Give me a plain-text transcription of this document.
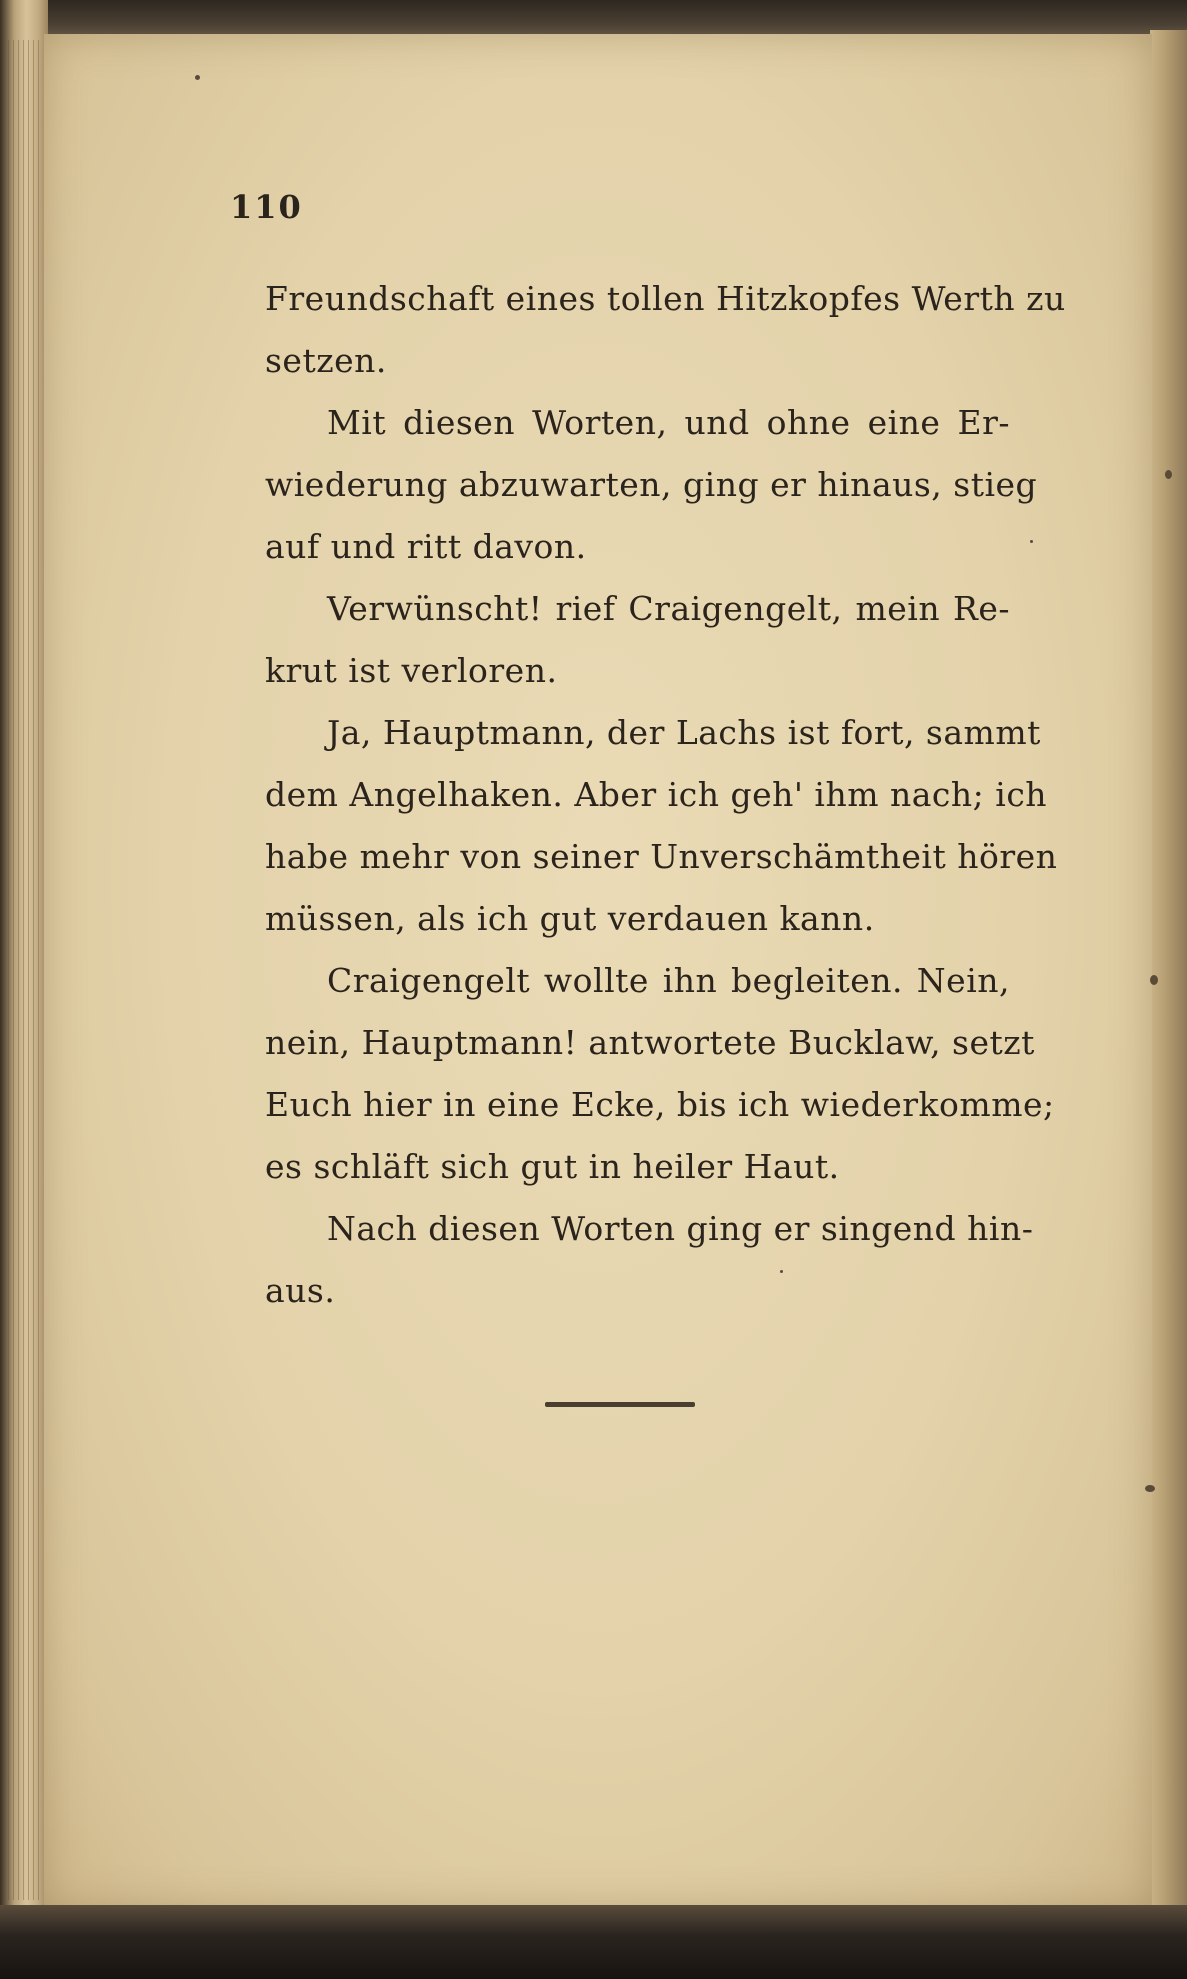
110
Freundschaft eines tollen Hitzkopfes Werth zu
setzen.
Mit diesen Worten, und ohne eine Er-
wiederung abzuwarten, ging er hinaus, stieg
auf und ritt davon.
Verwünscht! rief Craigengelt, mein Re-
krut ist verloren.
Ja, Hauptmann, der Lachs ist fort, sammt
dem Angelhaken. Aber ich geh' ihm nach; ich
habe mehr von seiner Unverschämtheit hören
müssen, als ich gut verdauen kann.
Craigengelt wollte ihn begleiten. Nein,
nein, Hauptmann! antwortete Bucklaw, setzt
Euch hier in eine Ecke, bis ich wiederkomme;
es schläft sich gut in heiler Haut.
Nach diesen Worten ging er singend hin-
aus.
